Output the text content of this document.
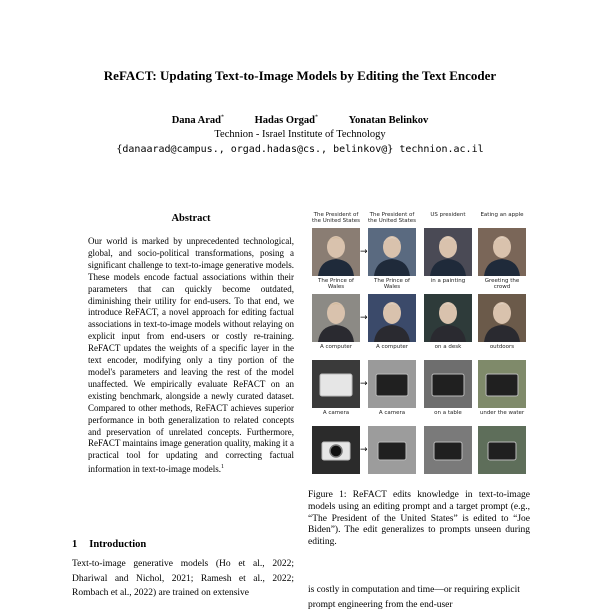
ReFACT: Updating Text-to-Image Models by Editing the Text Encoder
Dana Arad*	Hadas Orgad*	Yonatan Belinkov
Technion - Israel Institute of Technology
{danaarad@campus., orgad.hadas@cs., belinkov@} technion.ac.il
Abstract
Our world is marked by unprecedented technological, global, and socio-political transformations, posing a significant challenge to text-to-image generative models. These models encode factual associations within their parameters that can quickly become outdated, diminishing their utility for end-users. To that end, we introduce ReFACT, a novel approach for editing factual associations in text-to-image models without relaying on explicit input from end-users or costly re-training. ReFACT updates the weights of a specific layer in the text encoder, modifying only a tiny portion of the model's parameters and leaving the rest of the model unaffected. We empirically evaluate ReFACT on an existing benchmark, alongside a newly curated dataset. Compared to other methods, ReFACT achieves superior performance in both generalization to related concepts and preservation of unrelated concepts. Furthermore, ReFACT maintains image generation quality, making it a practical tool for updating and correcting factual information in text-to-image models.$^1$
1 Introduction
Text-to-image generative models (Ho et al., 2022; Dhariwal and Nichol, 2021; Ramesh et al., 2022; Rombach et al., 2022) are trained on extensive
The President of the United States
The President of the United States
US president	Eating an apple
→
The Prince of Wales
The Prince of Wales
in a painting	Greeting the crowd
→
A computer	A computer	on a desk	outdoors
→
A camera	A camera	on a table	under the water
→
Figure 1: ReFACT edits knowledge in text-to-image models using an editing prompt and a target prompt (e.g., “The President of the United States” is edited to “Joe Biden”). The edit generalizes to prompts unseen during editing.
is costly in computation and time—or requiring explicit prompt engineering from the end-user
